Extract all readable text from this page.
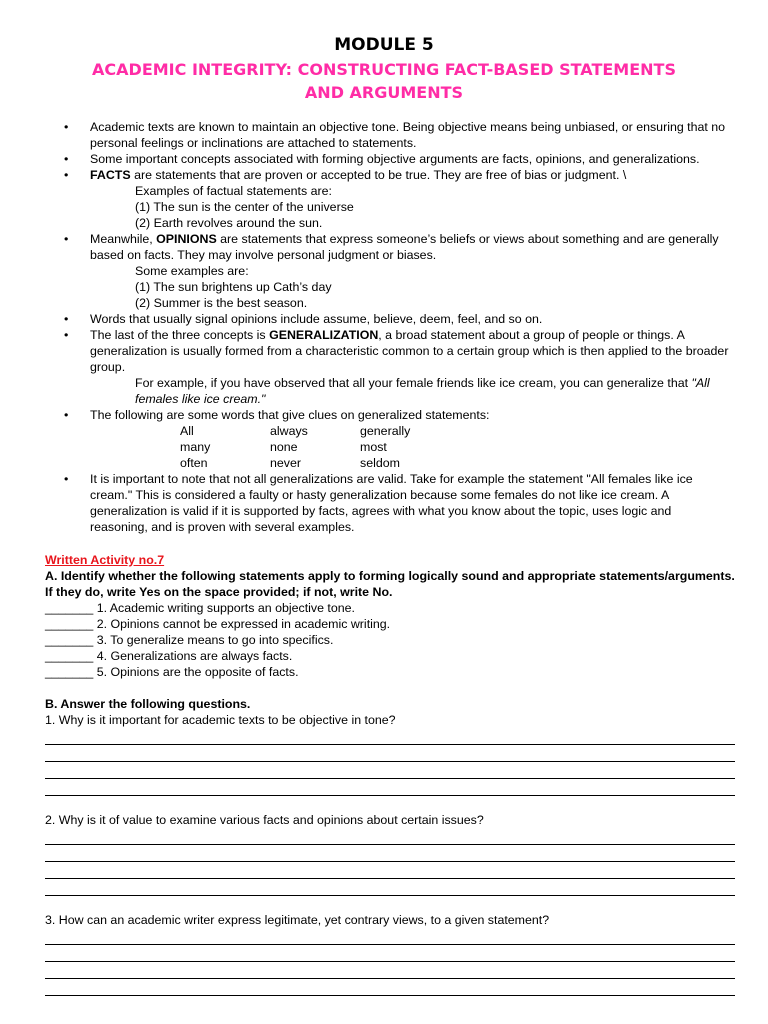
MODULE 5
ACADEMIC INTEGRITY: CONSTRUCTING FACT-BASED STATEMENTS
AND ARGUMENTS
• Academic texts are known to maintain an objective tone. Being objective means being unbiased, or ensuring that no personal feelings or inclinations are attached to statements.
• Some important concepts associated with forming objective arguments are facts, opinions, and generalizations.
• FACTS are statements that are proven or accepted to be true. They are free of bias or judgment. \
Examples of factual statements are:
(1) The sun is the center of the universe
(2) Earth revolves around the sun.
• Meanwhile, OPINIONS are statements that express someone’s beliefs or views about something and are generally based on facts. They may involve personal judgment or biases.
Some examples are:
(1) The sun brightens up Cath’s day
(2) Summer is the best season.
• Words that usually signal opinions include assume, believe, deem, feel, and so on.
• The last of the three concepts is GENERALIZATION, a broad statement about a group of people or things. A generalization is usually formed from a characteristic common to a certain group which is then applied to the broader group.
For example, if you have observed that all your female friends like ice cream, you can generalize that "All females like ice cream."
• The following are some words that give clues on generalized statements:
All	always	generally
many	none	most
often	never	seldom
• It is important to note that not all generalizations are valid. Take for example the statement "All females like ice cream." This is considered a faulty or hasty generalization because some females do not like ice cream. A generalization is valid if it is supported by facts, agrees with what you know about the topic, uses logic and reasoning, and is proven with several examples.
Written Activity no.7
A. Identify whether the following statements apply to forming logically sound and appropriate statements/arguments. If they do, write Yes on the space provided; if not, write No.
_______ 1. Academic writing supports an objective tone.
_______ 2. Opinions cannot be expressed in academic writing.
_______ 3. To generalize means to go into specifics.
_______ 4. Generalizations are always facts.
_______ 5. Opinions are the opposite of facts.
B. Answer the following questions.
1. Why is it important for academic texts to be objective in tone?
2. Why is it of value to examine various facts and opinions about certain issues?
3. How can an academic writer express legitimate, yet contrary views, to a given statement?
